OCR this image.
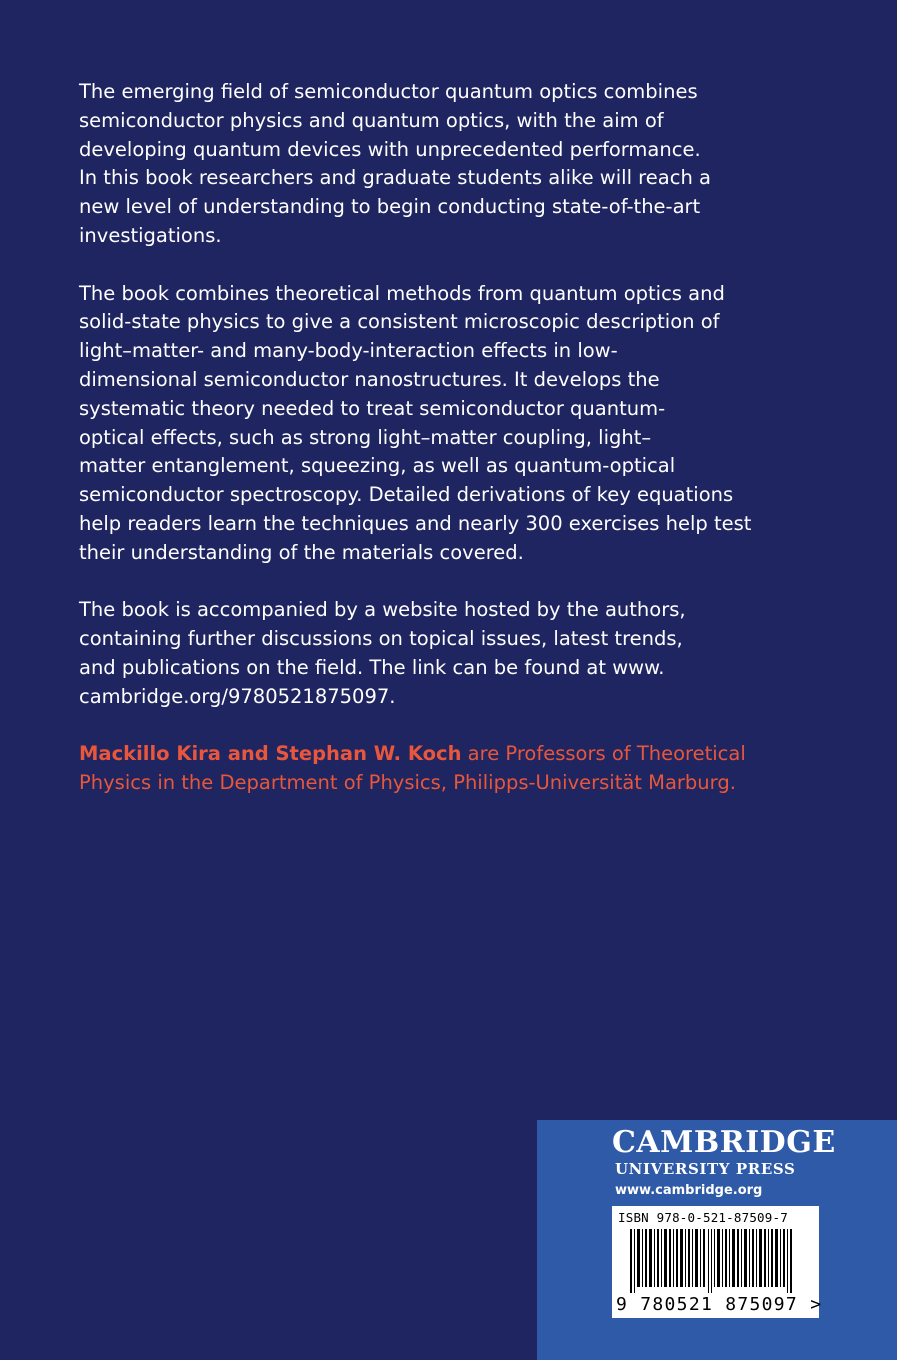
The emerging field of semiconductor quantum optics combines
semiconductor physics and quantum optics, with the aim of
developing quantum devices with unprecedented performance.
In this book researchers and graduate students alike will reach a
new level of understanding to begin conducting state-of-the-art
investigations.

The book combines theoretical methods from quantum optics and
solid-state physics to give a consistent microscopic description of
light–matter- and many-body-interaction effects in low-
dimensional semiconductor nanostructures. It develops the
systematic theory needed to treat semiconductor quantum-
optical effects, such as strong light–matter coupling, light–
matter entanglement, squeezing, as well as quantum-optical
semiconductor spectroscopy. Detailed derivations of key equations
help readers learn the techniques and nearly 300 exercises help test
their understanding of the materials covered.

The book is accompanied by a website hosted by the authors,
containing further discussions on topical issues, latest trends,
and publications on the field. The link can be found at www.
cambridge.org/9780521875097.

Mackillo Kira and Stephan W. Koch are Professors of Theoretical
Physics in the Department of Physics, Philipps-Universität Marburg.

CAMBRIDGE
UNIVERSITY PRESS
www.cambridge.org
ISBN 978-0-521-87509-7
9 780521 875097 >
